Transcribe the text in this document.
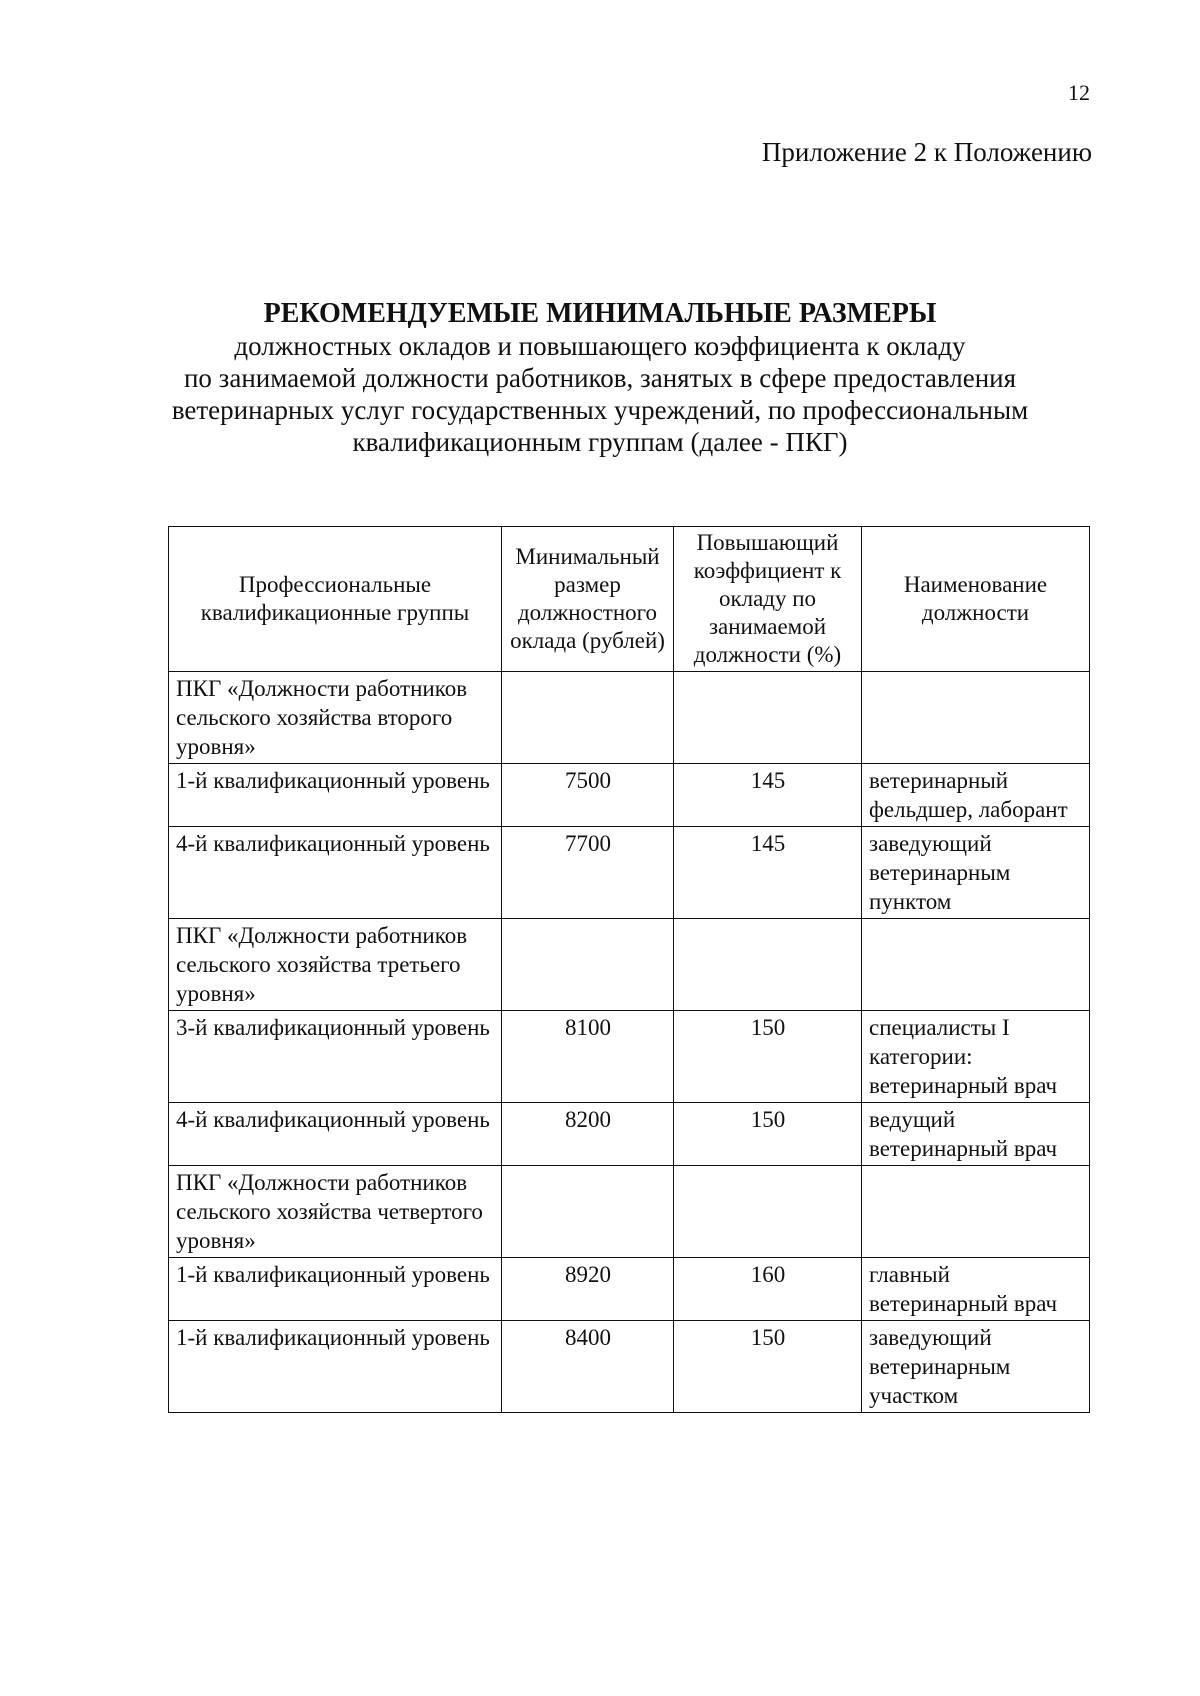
12
Приложение 2 к Положению
РЕКОМЕНДУЕМЫЕ МИНИМАЛЬНЫЕ РАЗМЕРЫ
должностных окладов и повышающего коэффициента к окладу
по занимаемой должности работников, занятых в сфере предоставления
ветеринарных услуг государственных учреждений, по профессиональным
квалификационным группам (далее - ПКГ)
Профессиональные квалификационные группы	Минимальный размер должностного оклада (рублей)	Повышающий коэффициент к окладу по занимаемой должности (%)	Наименование должности
ПКГ «Должности работников сельского хозяйства второго уровня»			
1-й квалификационный уровень	7500	145	ветеринарный фельдшер, лаборант
4-й квалификационный уровень	7700	145	заведующий ветеринарным пунктом
ПКГ «Должности работников сельского хозяйства третьего уровня»			
3-й квалификационный уровень	8100	150	специалисты I категории: ветеринарный врач
4-й квалификационный уровень	8200	150	ведущий ветеринарный врач
ПКГ «Должности работников сельского хозяйства четвертого уровня»			
1-й квалификационный уровень	8920	160	главный ветеринарный врач
1-й квалификационный уровень	8400	150	заведующий ветеринарным участком
